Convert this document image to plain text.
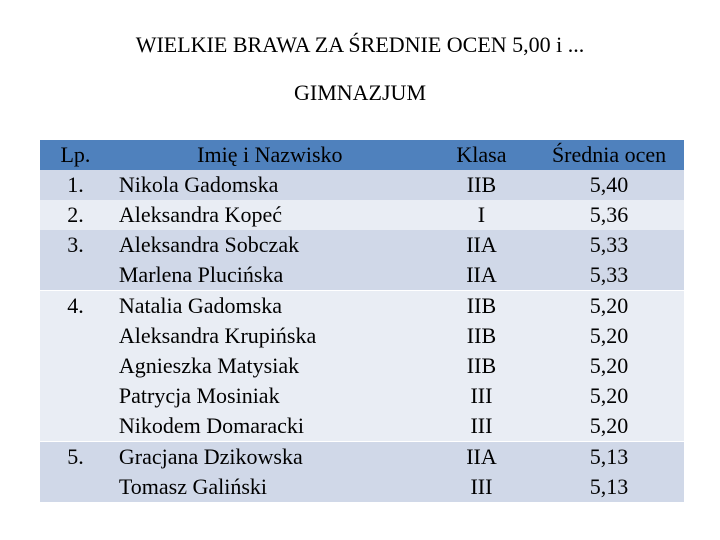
WIELKIE BRAWA ZA ŚREDNIE OCEN 5,00 i ...
GIMNAZJUM
Lp.	Imię i Nazwisko	Klasa	Średnia ocen
1.	Nikola Gadomska	IIB	5,40
2.	Aleksandra Kopeć	I	5,36
3.	Aleksandra Sobczak	IIA	5,33
	Marlena Plucińska	IIA	5,33
4.	Natalia Gadomska	IIB	5,20
	Aleksandra Krupińska	IIB	5,20
	Agnieszka Matysiak	IIB	5,20
	Patrycja Mosiniak	III	5,20
	Nikodem Domaracki	III	5,20
5.	Gracjana Dzikowska	IIA	5,13
	Tomasz Galiński	III	5,13
